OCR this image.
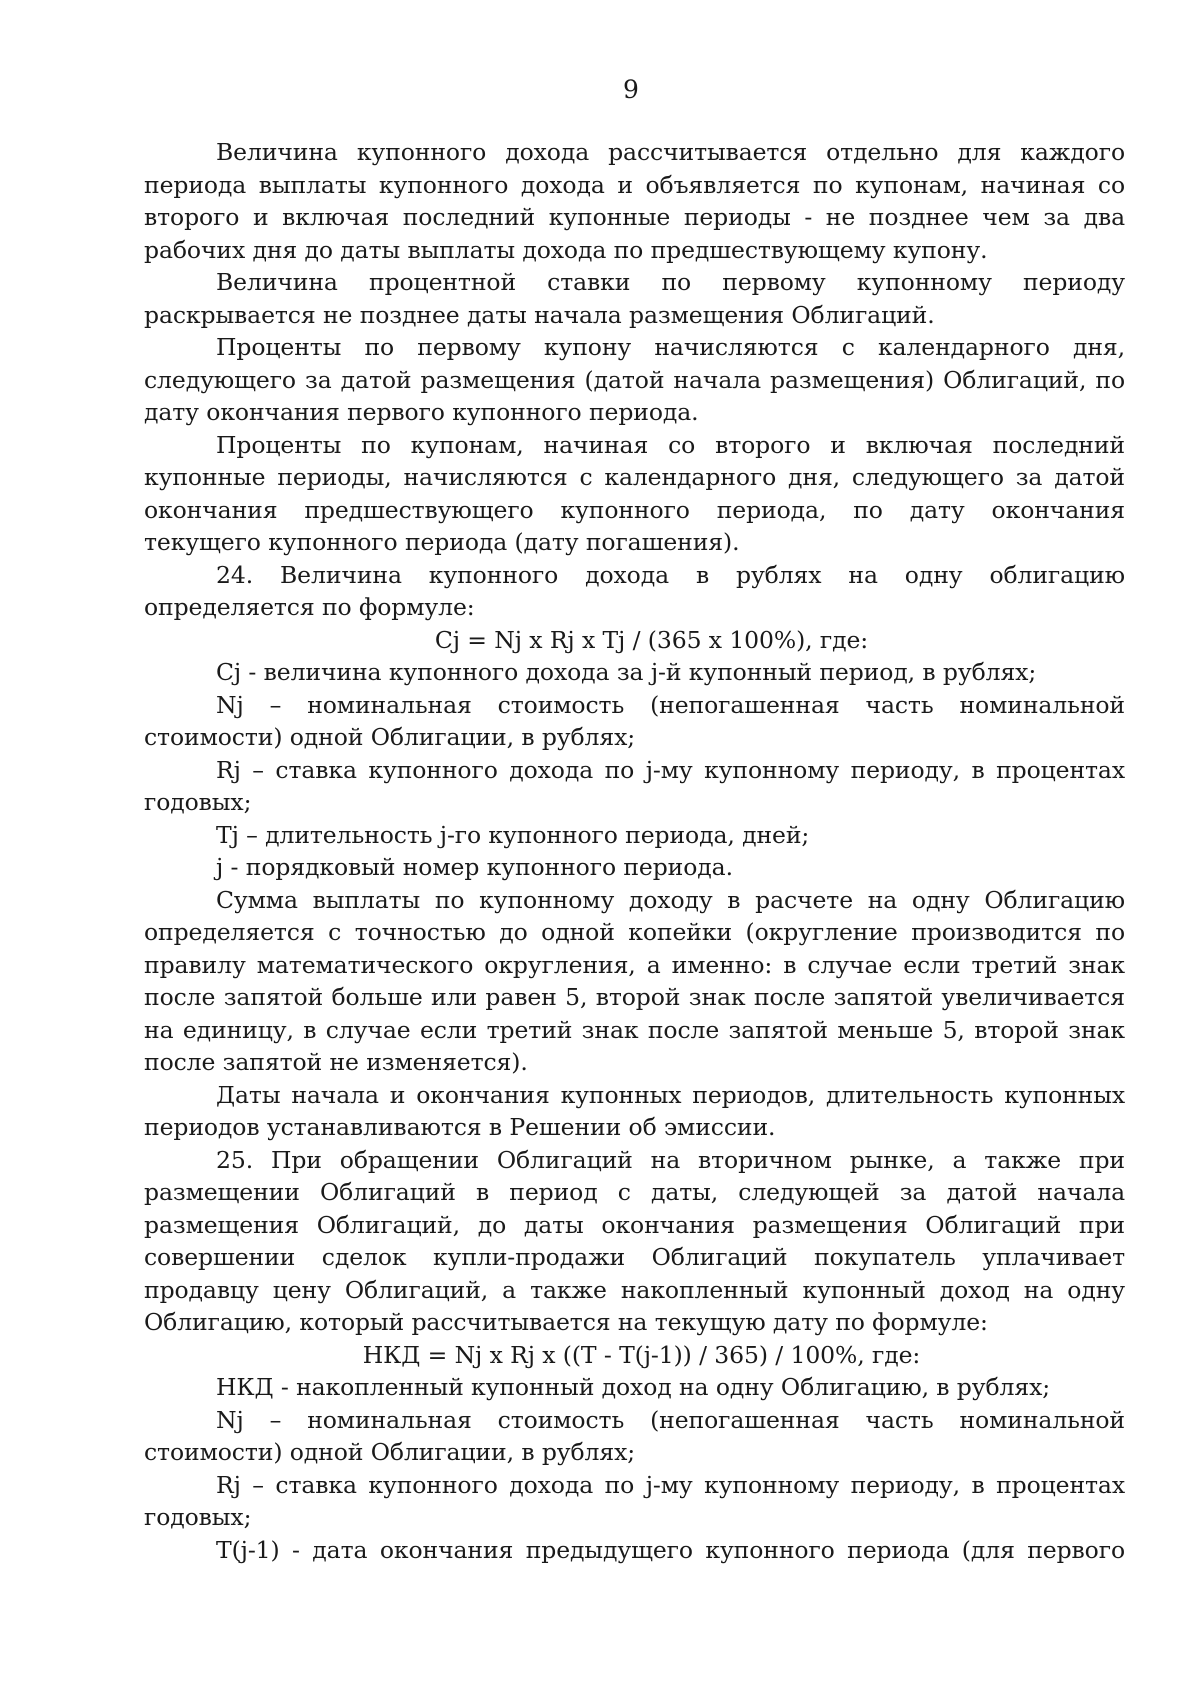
9

Величина купонного дохода рассчитывается отдельно для каждого периода выплаты купонного дохода и объявляется по купонам, начиная со второго и включая последний купонные периоды - не позднее чем за два рабочих дня до даты выплаты дохода по предшествующему купону.

Величина процентной ставки по первому купонному периоду раскрывается не позднее даты начала размещения Облигаций.

Проценты по первому купону начисляются с календарного дня, следующего за датой размещения (датой начала размещения) Облигаций, по дату окончания первого купонного периода.

Проценты по купонам, начиная со второго и включая последний купонные периоды, начисляются с календарного дня, следующего за датой окончания предшествующего купонного периода, по дату окончания текущего купонного периода (дату погашения).

24. Величина купонного дохода в рублях на одну облигацию определяется по формуле:

Cj = Nj x Rj x Tj / (365 x 100%), где:

Cj - величина купонного дохода за j-й купонный период, в рублях;

Nj – номинальная стоимость (непогашенная часть номинальной стоимости) одной Облигации, в рублях;

Rj – ставка купонного дохода по j-му купонному периоду, в процентах годовых;

Tj – длительность j-го купонного периода, дней;

j - порядковый номер купонного периода.

Сумма выплаты по купонному доходу в расчете на одну Облигацию определяется с точностью до одной копейки (округление производится по правилу математического округления, а именно: в случае если третий знак после запятой больше или равен 5, второй знак после запятой увеличивается на единицу, в случае если третий знак после запятой меньше 5, второй знак после запятой не изменяется).

Даты начала и окончания купонных периодов, длительность купонных периодов устанавливаются в Решении об эмиссии.

25. При обращении Облигаций на вторичном рынке, а также при размещении Облигаций в период с даты, следующей за датой начала размещения Облигаций, до даты окончания размещения Облигаций при совершении сделок купли-продажи Облигаций покупатель уплачивает продавцу цену Облигаций, а также накопленный купонный доход на одну Облигацию, который рассчитывается на текущую дату по формуле:

НКД = Nj x Rj x ((T - T(j-1)) / 365) / 100%, где:

НКД - накопленный купонный доход на одну Облигацию, в рублях;

Nj – номинальная стоимость (непогашенная часть номинальной стоимости) одной Облигации, в рублях;

Rj – ставка купонного дохода по j-му купонному периоду, в процентах годовых;

T(j-1) - дата окончания предыдущего купонного периода (для первого
